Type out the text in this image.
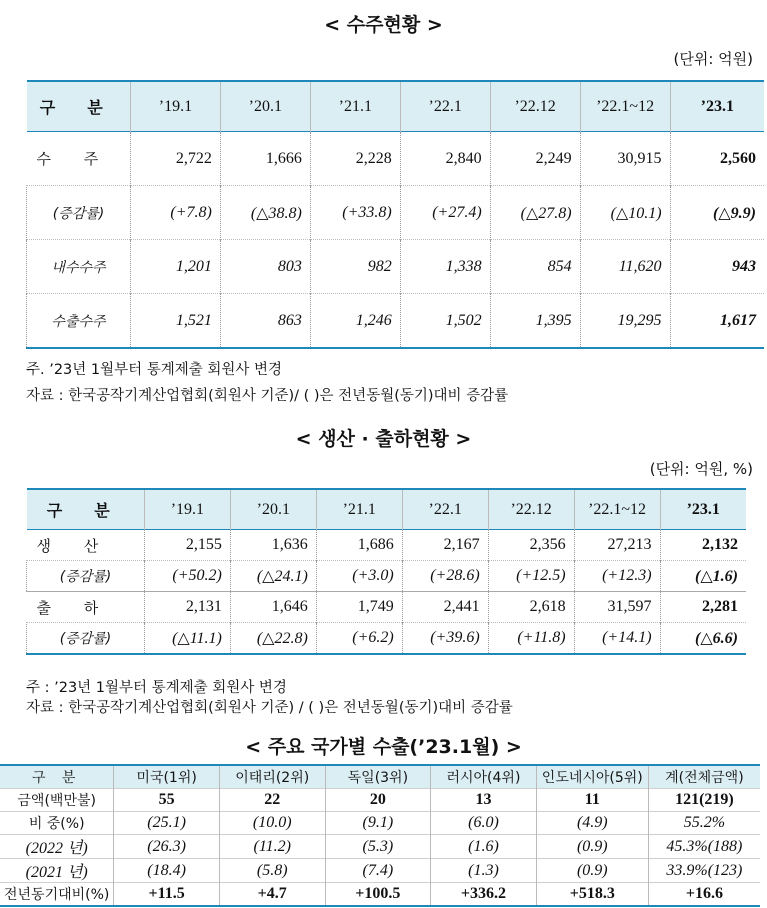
< 수주현황 >
(단위: 억원)
구 분	’19.1	’20.1	’21.1	’22.1	’22.12	’22.1~12	’23.1
수 주	2,722	1,666	2,228	2,840	2,249	30,915	2,560
(증감률)	(+7.8)	(△38.8)	(+33.8)	(+27.4)	(△27.8)	(△10.1)	(△9.9)
내수수주	1,201	803	982	1,338	854	11,620	943
수출수주	1,521	863	1,246	1,502	1,395	19,295	1,617
주. ’23년 1월부터 통계제출 회원사 변경
자료 : 한국공작기계산업협회(회원사 기준)/ ( )은 전년동월(동기)대비 증감률
< 생산 · 출하현황 >
(단위: 억원, %)
구 분	’19.1	’20.1	’21.1	’22.1	’22.12	’22.1~12	’23.1
생 산	2,155	1,636	1,686	2,167	2,356	27,213	2,132
(증감률)	(+50.2)	(△24.1)	(+3.0)	(+28.6)	(+12.5)	(+12.3)	(△1.6)
출 하	2,131	1,646	1,749	2,441	2,618	31,597	2,281
(증감률)	(△11.1)	(△22.8)	(+6.2)	(+39.6)	(+11.8)	(+14.1)	(△6.6)
주 : ’23년 1월부터 통계제출 회원사 변경
자료 : 한국공작기계산업협회(회원사 기준) / ( )은 전년동월(동기)대비 증감률
< 주요 국가별 수출(’23.1월) >
구 분	미국(1위)	이태리(2위)	독일(3위)	러시아(4위)	인도네시아(5위)	계(전체금액)
금액(백만불)	55	22	20	13	11	121(219)
비 중(%)	(25.1)	(10.0)	(9.1)	(6.0)	(4.9)	55.2%
(2022 년)	(26.3)	(11.2)	(5.3)	(1.6)	(0.9)	45.3%(188)
(2021 년)	(18.4)	(5.8)	(7.4)	(1.3)	(0.9)	33.9%(123)
전년동기대비(%)	+11.5	+4.7	+100.5	+336.2	+518.3	+16.6
